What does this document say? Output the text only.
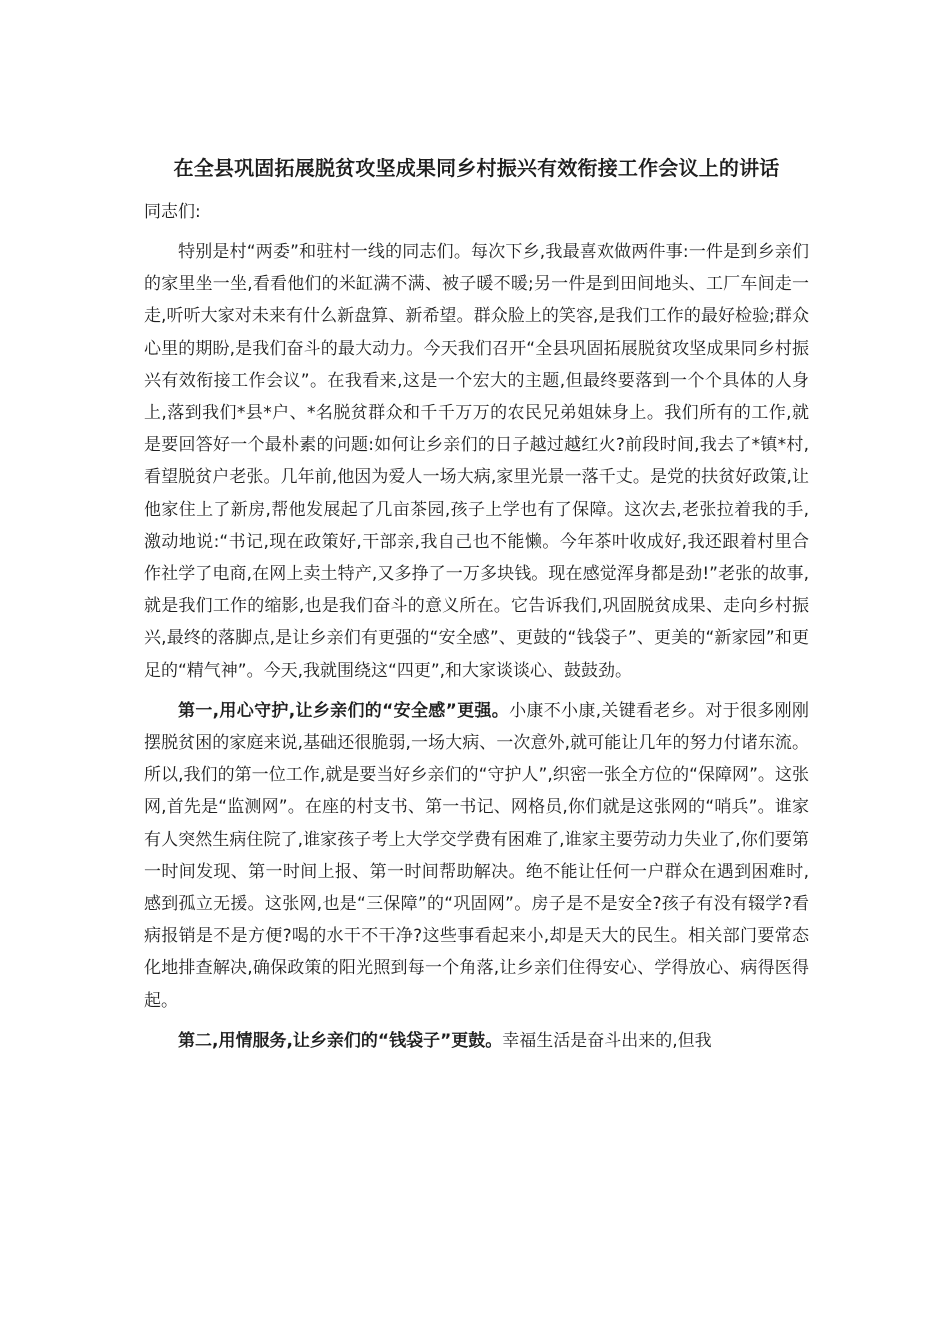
在全县巩固拓展脱贫攻坚成果同乡村振兴有效衔接工作会议上的讲话
同志们:

特别是村“两委”和驻村一线的同志们。每次下乡,我最喜欢做两件事:一件是到乡亲们的家里坐一坐,看看他们的米缸满不满、被子暖不暖;另一件是到田间地头、工厂车间走一走,听听大家对未来有什么新盘算、新希望。群众脸上的笑容,是我们工作的最好检验;群众心里的期盼,是我们奋斗的最大动力。今天我们召开“全县巩固拓展脱贫攻坚成果同乡村振兴有效衔接工作会议”。在我看来,这是一个宏大的主题,但最终要落到一个个具体的人身上,落到我们*县*户、*名脱贫群众和千千万万的农民兄弟姐妹身上。我们所有的工作,就是要回答好一个最朴素的问题:如何让乡亲们的日子越过越红火?前段时间,我去了*镇*村,看望脱贫户老张。几年前,他因为爱人一场大病,家里光景一落千丈。是党的扶贫好政策,让他家住上了新房,帮他发展起了几亩茶园,孩子上学也有了保障。这次去,老张拉着我的手,激动地说:“书记,现在政策好,干部亲,我自己也不能懒。今年茶叶收成好,我还跟着村里合作社学了电商,在网上卖土特产,又多挣了一万多块钱。现在感觉浑身都是劲!”老张的故事,就是我们工作的缩影,也是我们奋斗的意义所在。它告诉我们,巩固脱贫成果、走向乡村振兴,最终的落脚点,是让乡亲们有更强的“安全感”、更鼓的“钱袋子”、更美的“新家园”和更足的“精气神”。今天,我就围绕这“四更”,和大家谈谈心、鼓鼓劲。

第一,用心守护,让乡亲们的“安全感”更强。小康不小康,关键看老乡。对于很多刚刚摆脱贫困的家庭来说,基础还很脆弱,一场大病、一次意外,就可能让几年的努力付诸东流。所以,我们的第一位工作,就是要当好乡亲们的“守护人”,织密一张全方位的“保障网”。这张网,首先是“监测网”。在座的村支书、第一书记、网格员,你们就是这张网的“哨兵”。谁家有人突然生病住院了,谁家孩子考上大学交学费有困难了,谁家主要劳动力失业了,你们要第一时间发现、第一时间上报、第一时间帮助解决。绝不能让任何一户群众在遇到困难时,感到孤立无援。这张网,也是“三保障”的“巩固网”。房子是不是安全?孩子有没有辍学?看病报销是不是方便?喝的水干不干净?这些事看起来小,却是天大的民生。相关部门要常态化地排查解决,确保政策的阳光照到每一个角落,让乡亲们住得安心、学得放心、病得医得起。

第二,用情服务,让乡亲们的“钱袋子”更鼓。幸福生活是奋斗出来的,但我
